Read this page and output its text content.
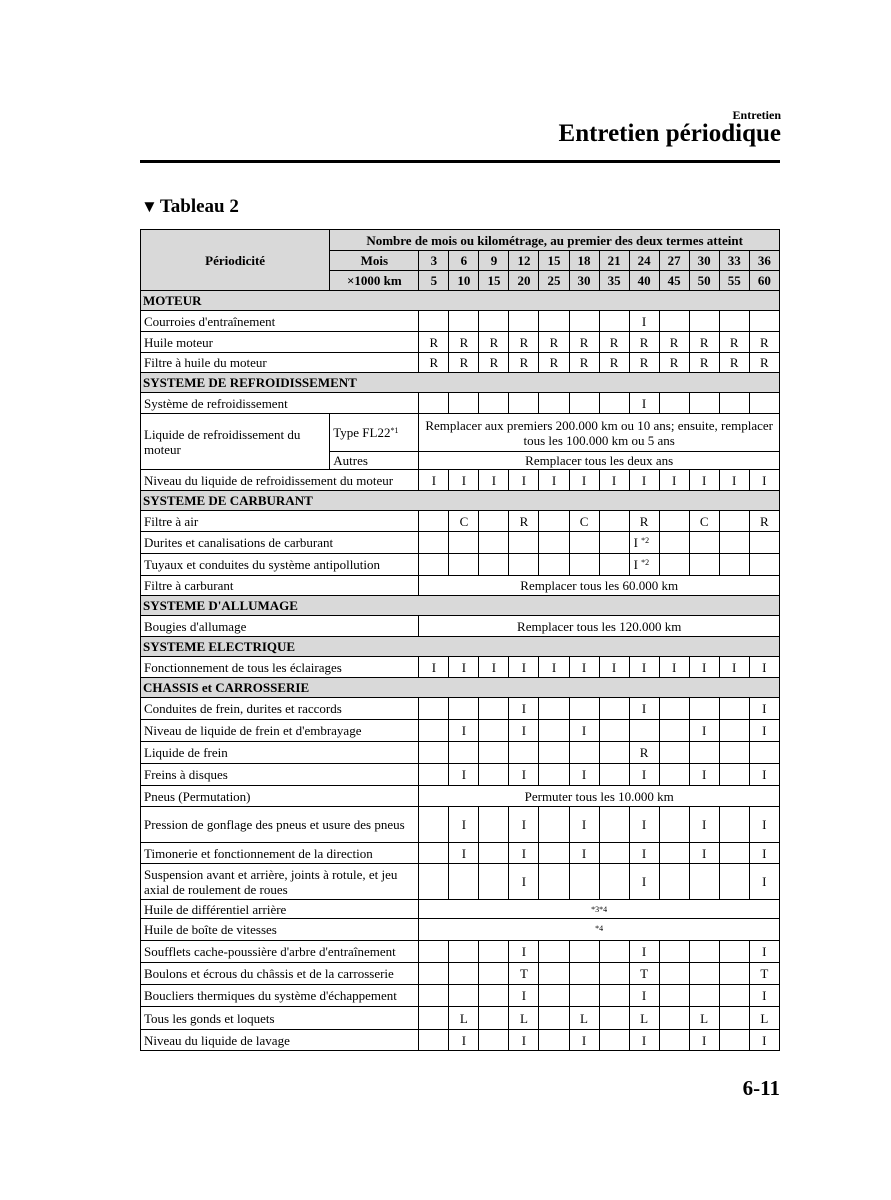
Entretien
Entretien périodique
▼ Tableau 2
Périodicité	Nombre de mois ou kilométrage, au premier des deux termes atteint												
	Mois	3	6	9	12	15	18	21	24	27	30	33	36
	×1000 km	5	10	15	20	25	30	35	40	45	50	55	60
MOTEUR													
Courroies d'entraînement									I				
Huile moteur		R	R	R	R	R	R	R	R	R	R	R	R
Filtre à huile du moteur		R	R	R	R	R	R	R	R	R	R	R	R
SYSTEME DE REFROIDISSEMENT													
Système de refroidissement									I				
Liquide de refroidissement du moteur	Type FL22$^{*1}$	Remplacer aux premiers 200.000 km ou 10 ans; ensuite, remplacer tous les 100.000 km ou 5 ans											
	Autres	Remplacer tous les deux ans											
Niveau du liquide de refroidissement du moteur		I	I	I	I	I	I	I	I	I	I	I	I
SYSTEME DE CARBURANT													
Filtre à air			C		R		C		R		C		R
Durites et canalisations de carburant									I $^{*2}$				
Tuyaux et conduites du système antipollution									I $^{*2}$				
Filtre à carburant		Remplacer tous les 60.000 km											
SYSTEME D'ALLUMAGE													
Bougies d'allumage		Remplacer tous les 120.000 km											
SYSTEME ELECTRIQUE													
Fonctionnement de tous les éclairages		I	I	I	I	I	I	I	I	I	I	I	I
CHASSIS et CARROSSERIE													
Conduites de frein, durites et raccords					I				I				I
Niveau de liquide de frein et d'embrayage			I		I		I				I		I
Liquide de frein									R				
Freins à disques			I		I		I		I		I		I
Pneus (Permutation)		Permuter tous les 10.000 km											
Pression de gonflage des pneus et usure des pneus			I		I		I		I		I		I
Timonerie et fonctionnement de la direction			I		I		I		I		I		I
Suspension avant et arrière, joints à rotule, et jeu axial de roulement de roues					I				I				I
Huile de différentiel arrière		*3*4											
Huile de boîte de vitesses		*4											
Soufflets cache-poussière d'arbre d'entraînement					I				I				I
Boulons et écrous du châssis et de la carrosserie					T				T				T
Boucliers thermiques du système d'échappement					I				I				I
Tous les gonds et loquets			L		L		L		L		L		L
Niveau du liquide de lavage			I		I		I		I		I		I
6-11
